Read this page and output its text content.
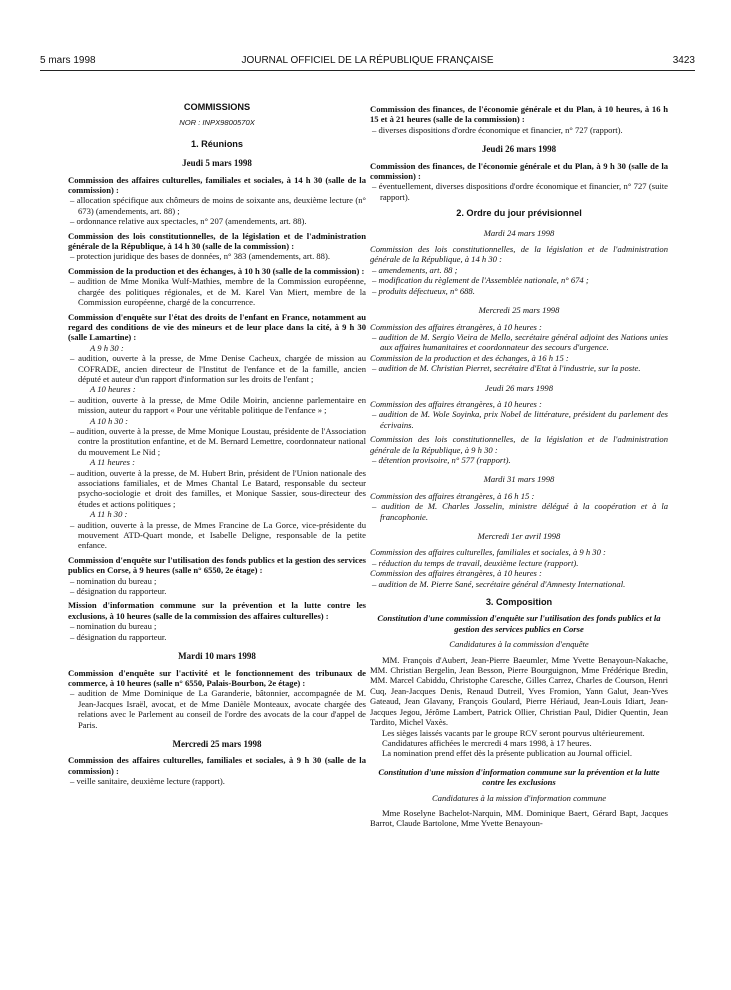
5 mars 1998	JOURNAL OFFICIEL DE LA RÉPUBLIQUE FRANÇAISE	3423
COMMISSIONS
NOR : INPX9800570X
1. Réunions
Jeudi 5 mars 1998

Commission des affaires culturelles, familiales et sociales, à 14 h 30 (salle de la commission) :

– allocation spécifique aux chômeurs de moins de soixante ans, deuxième lecture (n° 673) (amendements, art. 88) ;
– ordonnance relative aux spectacles, n° 207 (amendements, art. 88).

Commission des lois constitutionnelles, de la législation et de l'administration générale de la République, à 14 h 30 (salle de la commission) :

– protection juridique des bases de données, n° 383 (amendements, art. 88).

Commission de la production et des échanges, à 10 h 30 (salle de la commission) :

– audition de Mme Monika Wulf-Mathies, membre de la Commission européenne, chargée des politiques régionales, et de M. Karel Van Miert, membre de la Commission européenne, chargé de la concurrence.

Commission d'enquête sur l'état des droits de l'enfant en France, notamment au regard des conditions de vie des mineurs et de leur place dans la cité, à 9 h 30 (salle Lamartine) :

A 9 h 30 :

– audition, ouverte à la presse, de Mme Denise Cacheux, chargée de mission au COFRADE, ancien directeur de l'Institut de l'enfance et de la famille, ancien député et auteur d'un rapport d'information sur les droits de l'enfant ;

A 10 heures :

– audition, ouverte à la presse, de Mme Odile Moirin, ancienne parlementaire en mission, auteur du rapport « Pour une véritable politique de l'enfance » ;

A 10 h 30 :

– audition, ouverte à la presse, de Mme Monique Loustau, présidente de l'Association contre la prostitution enfantine, et de M. Bernard Lemettre, coordonnateur national du mouvement Le Nid ;

A 11 heures :

– audition, ouverte à la presse, de M. Hubert Brin, président de l'Union nationale des associations familiales, et de Mmes Chantal Le Batard, responsable du secteur psycho-sociologie et droit des familles, et Monique Sassier, sous-directeur des études et actions politiques ;

A 11 h 30 :

– audition, ouverte à la presse, de Mmes Francine de La Gorce, vice-présidente du mouvement ATD-Quart monde, et Isabelle Deligne, responsable de la petite enfance.

Commission d'enquête sur l'utilisation des fonds publics et la gestion des services publics en Corse, à 9 heures (salle n° 6550, 2e étage) :

– nomination du bureau ;
– désignation du rapporteur.

Mission d'information commune sur la prévention et la lutte contre les exclusions, à 10 heures (salle de la commission des affaires culturelles) :

– nomination du bureau ;
– désignation du rapporteur.
Mardi 10 mars 1998

Commission d'enquête sur l'activité et le fonctionnement des tribunaux de commerce, à 10 heures (salle n° 6550, Palais-Bourbon, 2e étage) :

– audition de Mme Dominique de La Garanderie, bâtonnier, accompagnée de M. Jean-Jacques Israël, avocat, et de Mme Danièle Monteaux, avocate chargée des relations avec le Parlement au conseil de l'ordre des avocats de la cour d'appel de Paris.
Mercredi 25 mars 1998

Commission des affaires culturelles, familiales et sociales, à 9 h 30 (salle de la commission) :

– veille sanitaire, deuxième lecture (rapport).

Commission des finances, de l'économie générale et du Plan, à 10 heures, à 16 h 15 et à 21 heures (salle de la commission) :

– diverses dispositions d'ordre économique et financier, n° 727 (rapport).
Jeudi 26 mars 1998

Commission des finances, de l'économie générale et du Plan, à 9 h 30 (salle de la commission) :

– éventuellement, diverses dispositions d'ordre économique et financier, n° 727 (suite rapport).
2. Ordre du jour prévisionnel
Mardi 24 mars 1998

Commission des lois constitutionnelles, de la législation et de l'administration générale de la République, à 14 h 30 :

– amendements, art. 88 ;
– modification du règlement de l'Assemblée nationale, n° 674 ;
– produits défectueux, n° 688.
Mercredi 25 mars 1998

Commission des affaires étrangères, à 10 heures :

– audition de M. Sergio Vieira de Mello, secrétaire général adjoint des Nations unies aux affaires humanitaires et coordonnateur des secours d'urgence.

Commission de la production et des échanges, à 16 h 15 :

– audition de M. Christian Pierret, secrétaire d'Etat à l'industrie, sur la poste.
Jeudi 26 mars 1998

Commission des affaires étrangères, à 10 heures :

– audition de M. Wole Soyinka, prix Nobel de littérature, président du parlement des écrivains.

Commission des lois constitutionnelles, de la législation et de l'administration générale de la République, à 9 h 30 :

– détention provisoire, n° 577 (rapport).
Mardi 31 mars 1998

Commission des affaires étrangères, à 16 h 15 :

– audition de M. Charles Josselin, ministre délégué à la coopération et à la francophonie.
Mercredi 1er avril 1998

Commission des affaires culturelles, familiales et sociales, à 9 h 30 :

– réduction du temps de travail, deuxième lecture (rapport).

Commission des affaires étrangères, à 10 heures :

– audition de M. Pierre Sané, secrétaire général d'Amnesty International.
3. Composition

Constitution d'une commission d'enquête sur l'utilisation des fonds publics et la gestion des services publics en Corse

Candidatures à la commission d'enquête

MM. François d'Aubert, Jean-Pierre Baeumler, Mme Yvette Benayoun-Nakache, MM. Christian Bergelin, Jean Besson, Pierre Bourguignon, Mme Frédérique Bredin, MM. Marcel Cabiddu, Christophe Caresche, Gilles Carrez, Charles de Courson, Henri Cuq, Jean-Jacques Denis, Renaud Dutreil, Yves Fromion, Yann Galut, Jean-Yves Gateaud, Jean Glavany, François Goulard, Pierre Hériaud, Jean-Louis Idiart, Jean-Jacques Jegou, Jérôme Lambert, Patrick Ollier, Christian Paul, Didier Quentin, Jean Tardito, Michel Vaxès.

Les sièges laissés vacants par le groupe RCV seront pourvus ultérieurement.

Candidatures affichées le mercredi 4 mars 1998, à 17 heures.

La nomination prend effet dès la présente publication au Journal officiel.

Constitution d'une mission d'information commune sur la prévention et la lutte contre les exclusions

Candidatures à la mission d'information commune

Mme Roselyne Bachelot-Narquin, MM. Dominique Baert, Gérard Bapt, Jacques Barrot, Claude Bartolone, Mme Yvette Benayoun-
